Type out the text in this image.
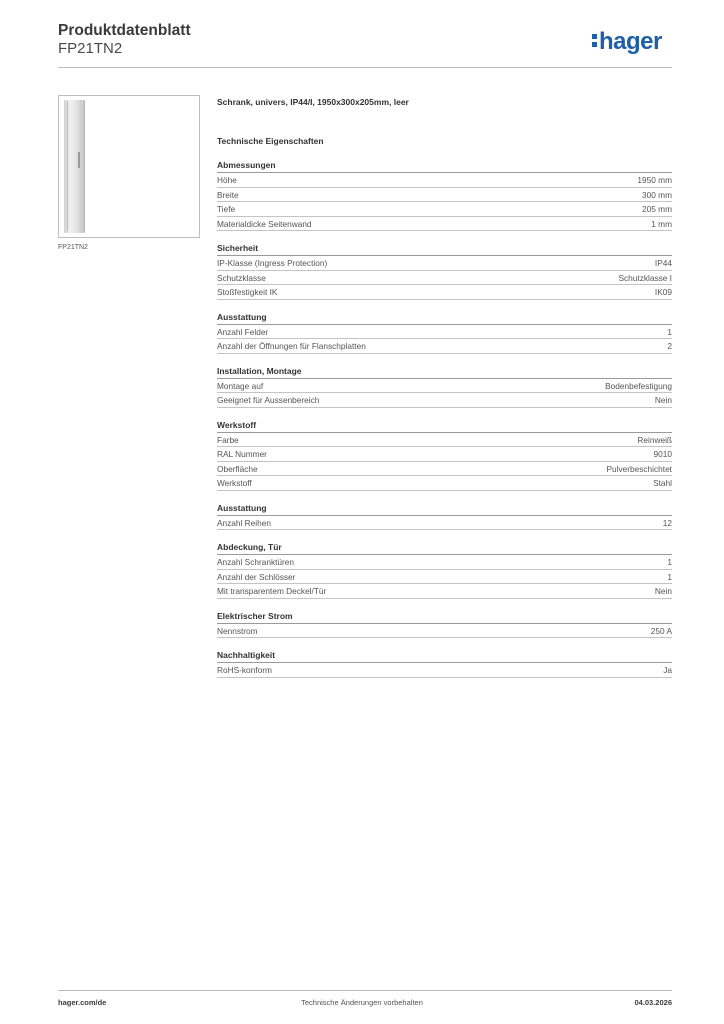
Produktdatenblatt
FP21TN2	hager
FP21TN2
Schrank, univers, IP44/I, 1950x300x205mm, leer
Technische Eigenschaften
Abmessungen
Höhe	1950 mm
Breite	300 mm
Tiefe	205 mm
Materialdicke Seitenwand	1 mm
Sicherheit
IP-Klasse (Ingress Protection)	IP44
Schutzklasse	Schutzklasse I
Stoßfestigkeit IK	IK09
Ausstattung
Anzahl Felder	1
Anzahl der Öffnungen für Flanschplatten	2
Installation, Montage
Montage auf	Bodenbefestigung
Geeignet für Aussenbereich	Nein
Werkstoff
Farbe	Reinweiß
RAL Nummer	9010
Oberfläche	Pulverbeschichtet
Werkstoff	Stahl
Ausstattung
Anzahl Reihen	12
Abdeckung, Tür
Anzahl Schranktüren	1
Anzahl der Schlösser	1
Mit transparentem Deckel/Tür	Nein
Elektrischer Strom
Nennstrom	250 A
Nachhaltigkeit
RoHS-konform	Ja
hager.com/de	Technische Änderungen vorbehalten	04.03.2026
